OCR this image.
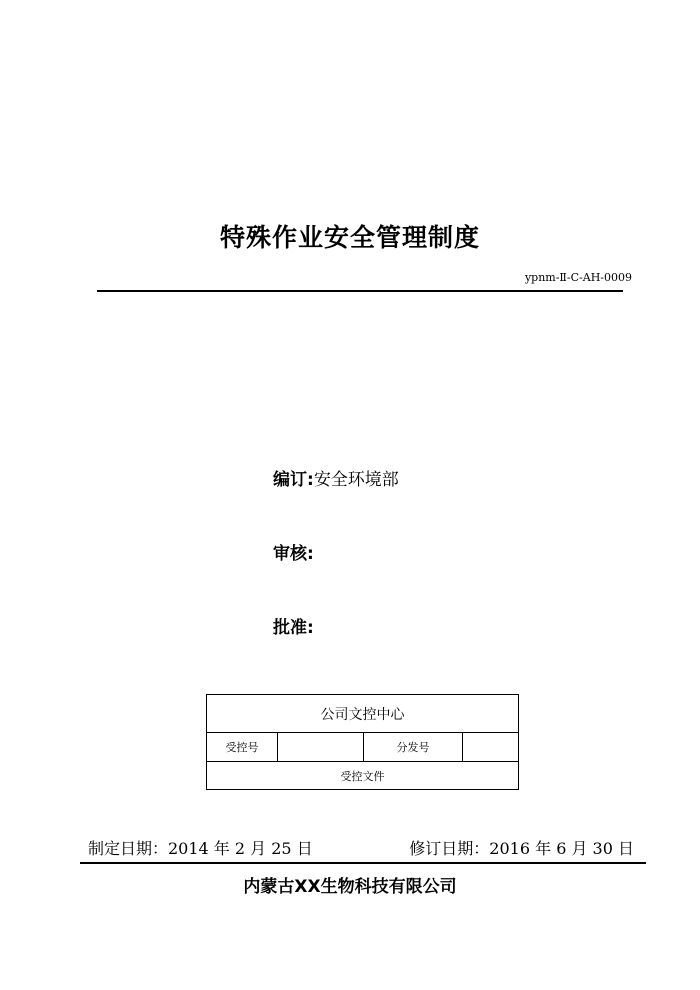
特殊作业安全管理制度
ypnm-Ⅱ-C-AH-0009
编订:安全环境部
审核:
批准:
公司文控中心
受控号		分发号	
受控文件
制定日期：2014 年 2 月 25 日	修订日期：2016 年 6 月 30 日
内蒙古XX生物科技有限公司
